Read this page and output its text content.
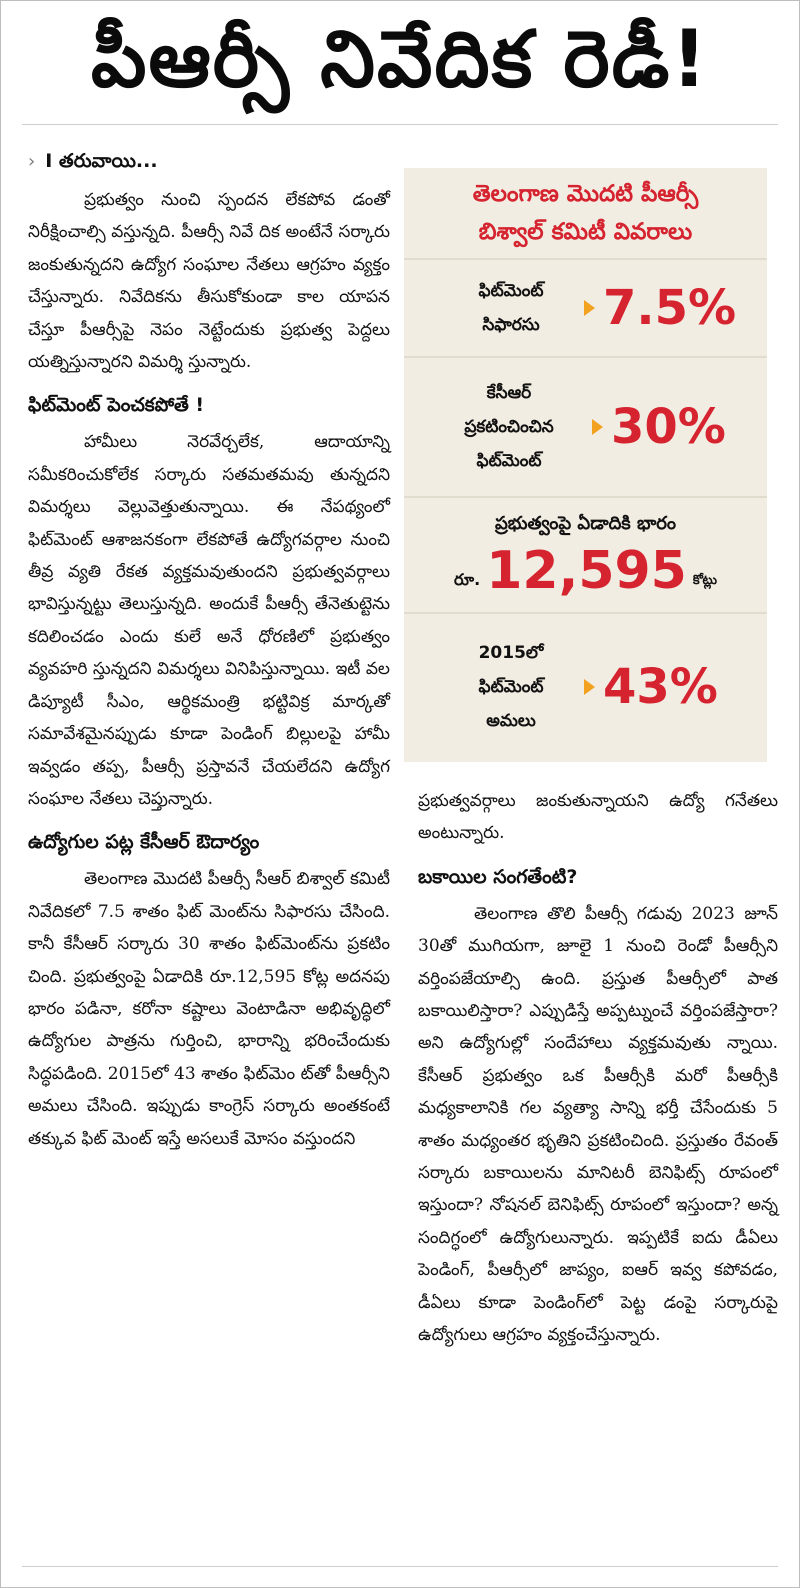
పీఆర్సీ నివేదిక రెడీ!
› I తరువాయి...

ప్రభుత్వం నుంచి స్పందన లేకపోవ డంతో నిరీక్షించాల్సి వస్తున్నది. పీఆర్సీ నివే దిక అంటేనే సర్కారు జంకుతున్నదని ఉద్యోగ సంఘాల నేతలు ఆగ్రహం వ్యక్తం చేస్తున్నారు. నివేదికను తీసుకోకుండా కాల యాపన చేస్తూ పీఆర్సీపై నెపం నెట్టేందుకు ప్రభుత్వ పెద్దలు యత్నిస్తున్నారని విమర్శి స్తున్నారు.

ఫిట్‌మెంట్‌ పెంచకపోతే !

హామీలు నెరవేర్చలేక, ఆదాయాన్ని సమీకరించుకోలేక సర్కారు సతమతమవు తున్నదని విమర్శలు వెల్లువెత్తుతున్నాయి. ఈ నేపథ్యంలో ఫిట్‌మెంట్‌ ఆశాజనకంగా లేకపోతే ఉద్యోగవర్గాల నుంచి తీవ్ర వ్యతి రేకత వ్యక్తమవుతుందని ప్రభుత్వవర్గాలు భావిస్తున్నట్టు తెలుస్తున్నది. అందుకే పీఆర్సీ తేనెతుట్టెను కదిలించడం ఎందు కులే అనే ధోరణిలో ప్రభుత్వం వ్యవహరి స్తున్నదని విమర్శలు వినిపిస్తున్నాయి. ఇటీ వల డిప్యూటీ సీఎం, ఆర్థికమంత్రి భట్టివిక్ర మార్కతో సమావేశమైనప్పుడు కూడా పెండింగ్‌ బిల్లులపై హామీ ఇవ్వడం తప్ప, పీఆర్సీ ప్రస్తావనే చేయలేదని ఉద్యోగ సంఘాల నేతలు చెప్తున్నారు.

ఉద్యోగుల పట్ల కేసీఆర్‌ ఔదార్యం

తెలంగాణ మొదటి పీఆర్సీ సీఆర్‌ బిశ్వాల్‌ కమిటీ నివేదికలో 7.5 శాతం ఫిట్‌ మెంట్‌ను సిఫారసు చేసింది. కానీ కేసీఆర్‌ సర్కారు 30 శాతం ఫిట్‌మెంట్‌ను ప్రకటిం చింది. ప్రభుత్వంపై ఏడాదికి రూ.12,595 కోట్ల అదనపు భారం పడినా, కరోనా కష్టాలు వెంటాడినా అభివృద్ధిలో ఉద్యోగుల పాత్రను గుర్తించి, భారాన్ని భరించేందుకు సిద్ధపడింది. 2015లో 43 శాతం ఫిట్‌మెం ట్‌తో పీఆర్సీని అమలు చేసింది. ఇప్పుడు కాంగ్రెస్‌ సర్కారు అంతకంటే తక్కువ ఫిట్‌ మెంట్‌ ఇస్తే అసలుకే మోసం వస్తుందని

తెలంగాణ మొదటి పీఆర్సీ
బిశ్వాల్‌ కమిటీ వివరాలు
ఫిట్‌మెంట్‌
సిఫారసు	7.5%
కేసీఆర్‌
ప్రకటించించిన
ఫిట్‌మెంట్‌
30%
ప్రభుత్వంపై ఏడాదికి భారం
రూ. 12,595 కోట్లు
2015లో
ఫిట్‌మెంట్‌
అమలు
43%

ప్రభుత్వవర్గాలు జంకుతున్నాయని ఉద్యో గనేతలు అంటున్నారు.

బకాయిల సంగతేంటి?

తెలంగాణ తొలి పీఆర్సీ గడువు 2023 జూన్‌ 30తో ముగియగా, జూలై 1 నుంచి రెండో పీఆర్సీని వర్తింపజేయాల్సి ఉంది. ప్రస్తుత పీఆర్సీలో పాత బకాయిలిస్తారా? ఎప్పుడిస్తే అప్పట్నుంచే వర్తింపజేస్తారా? అని ఉద్యోగుల్లో సందేహాలు వ్యక్తమవుతు న్నాయి. కేసీఆర్‌ ప్రభుత్వం ఒక పీఆర్సీకి మరో పీఆర్సీకి మధ్యకాలానికి గల వ్యత్యా సాన్ని భర్తీ చేసేందుకు 5 శాతం మధ్యంతర భృతిని ప్రకటించింది. ప్రస్తుతం రేవంత్‌ సర్కారు బకాయిలను మానిటరీ బెనిఫిట్స్‌ రూపంలో ఇస్తుందా? నోషనల్‌ బెనిఫిట్స్‌ రూపంలో ఇస్తుందా? అన్న సందిగ్ధంలో ఉద్యోగులున్నారు. ఇప్పటికే ఐదు డీఏలు పెండింగ్‌, పీఆర్సీలో జాప్యం, ఐఆర్‌ ఇవ్వ కపోవడం, డీఏలు కూడా పెండింగ్‌లో పెట్ట డంపై సర్కారుపై ఉద్యోగులు ఆగ్రహం వ్యక్తంచేస్తున్నారు.
